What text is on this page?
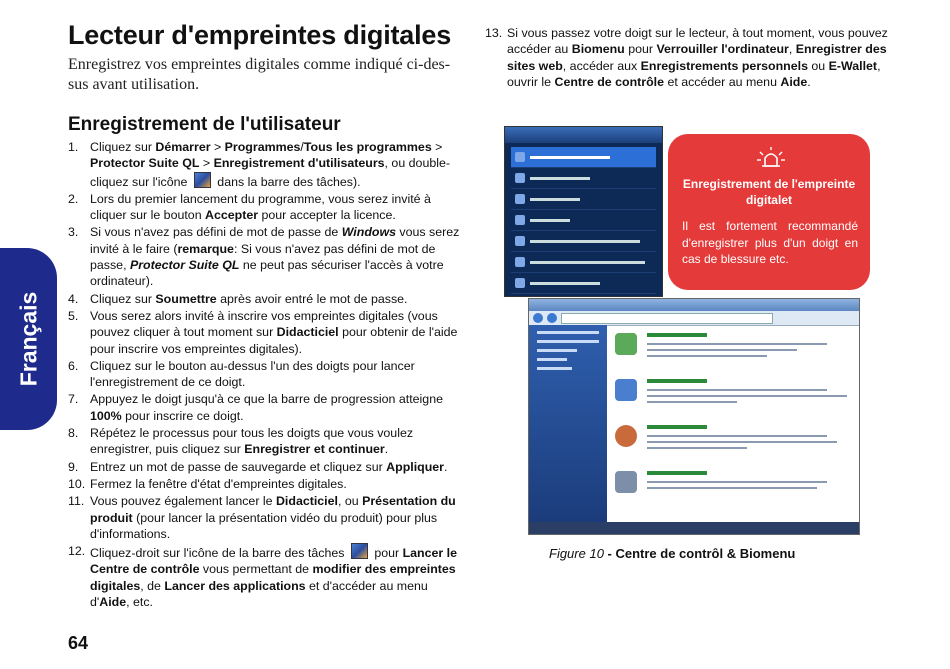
Français
Lecteur d'empreintes digitales

Enregistrez vos empreintes digitales comme indiqué ci-des-sus avant utilisation.

Enregistrement de l'utilisateur
1. Cliquez sur Démarrer > Programmes/Tous les programmes > Protector Suite QL > Enregistrement d'utilisateurs, ou double-cliquez sur l'icône  dans la barre des tâches).
2. Lors du premier lancement du programme, vous serez invité à cliquer sur le bouton Accepter pour accepter la licence.
3. Si vous n'avez pas défini de mot de passe de Windows vous serez invité à le faire (remarque: Si vous n'avez pas défini de mot de passe, Protector Suite QL ne peut pas sécuriser l'accès à votre ordinateur).
4. Cliquez sur Soumettre après avoir entré le mot de passe.
5. Vous serez alors invité à inscrire vos empreintes digitales (vous pouvez cliquer à tout moment sur Didacticiel pour obtenir de l'aide pour inscrire vos empreintes digitales).
6. Cliquez sur le bouton au-dessus l'un des doigts pour lancer l'enregistrement de ce doigt.
7. Appuyez le doigt jusqu'à ce que la barre de progression atteigne 100% pour inscrire ce doigt.
8. Répétez le processus pour tous les doigts que vous voulez enregistrer, puis cliquez sur Enregistrer et continuer.
9. Entrez un mot de passe de sauvegarde et cliquez sur Appliquer.
10. Fermez la fenêtre d'état d'empreintes digitales.
11. Vous pouvez également lancer le Didacticiel, ou Présentation du produit (pour lancer la présentation vidéo du produit) pour plus d'informations.
12. Cliquez-droit sur l'icône de la barre des tâches  pour Lancer le Centre de contrôle vous permettant de modifier des empreintes digitales, de Lancer des applications et d'accéder au menu d'Aide, etc.
13. Si vous passez votre doigt sur le lecteur, à tout moment, vous pouvez accéder au Biomenu pour Verrouiller l'ordinateur, Enregistrer des sites web, accéder aux Enregistrements personnels ou E-Wallet, ouvrir le Centre de contrôle et accéder au menu Aide.
Enregistrement de l'empreinte digitalet
Il est fortement recommandé d'enregistrer plus d'un doigt en cas de blessure etc.
Figure 10 - Centre de contrôl & Biomenu
64
